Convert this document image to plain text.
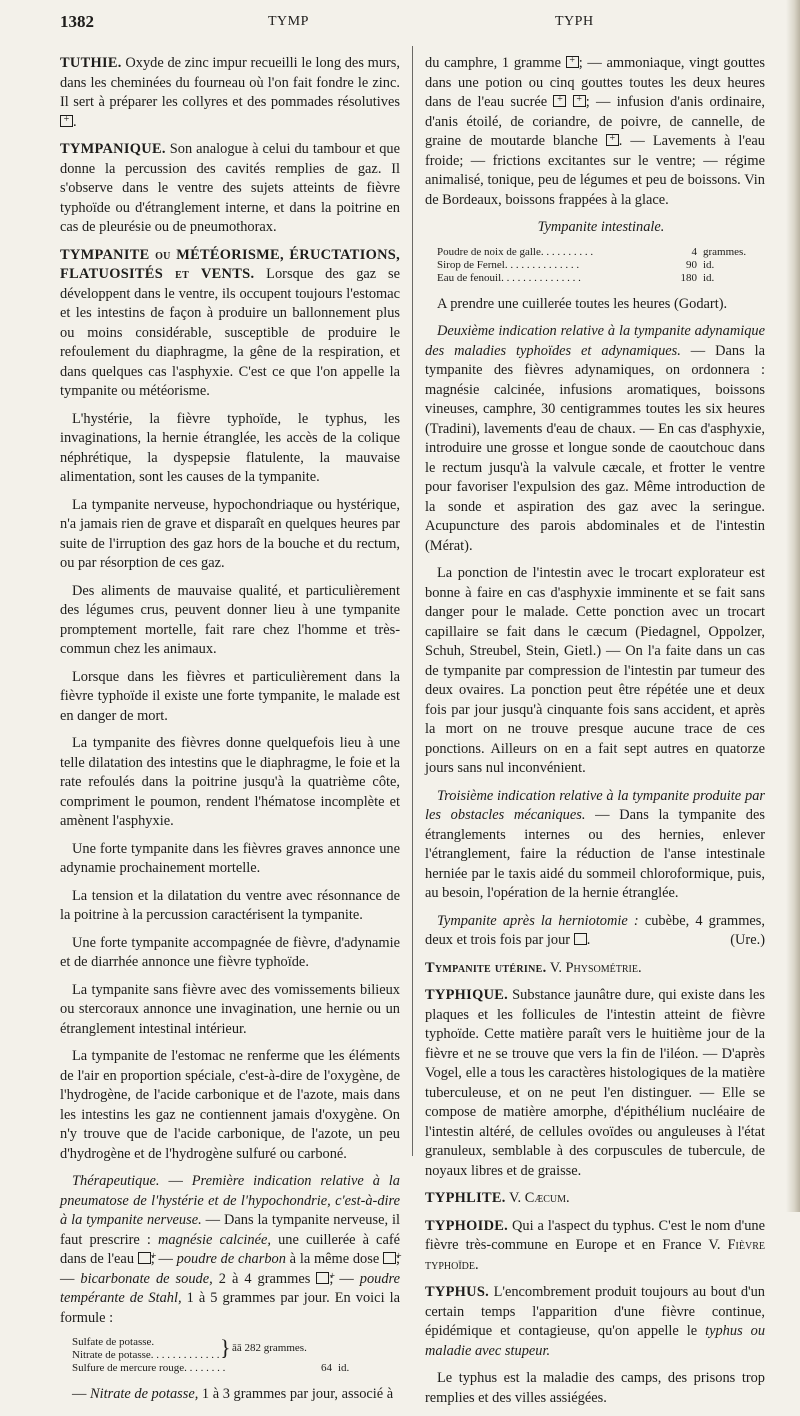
1382	TYMP	TYPH

TUTHIE. Oxyde de zinc impur recueilli le long des murs, dans les cheminées du fourneau où l'on fait fondre le zinc. Il sert à préparer les collyres et des pommades résolutives +.

TYMPANIQUE. Son analogue à celui du tambour et que donne la percussion des cavités remplies de gaz. Il s'observe dans le ventre des sujets atteints de fièvre typhoïde ou d'étranglement interne, et dans la poitrine en cas de pleurésie ou de pneumothorax.

TYMPANITE ou MÉTÉORISME, ÉRUCTATIONS, FLATUOSITÉS et VENTS. Lorsque des gaz se développent dans le ventre, ils occupent toujours l'estomac et les intestins de façon à produire un ballonnement plus ou moins considérable, susceptible de produire le refoulement du diaphragme, la gêne de la respiration, et dans quelques cas l'asphyxie. C'est ce que l'on appelle la tympanite ou météorisme.

L'hystérie, la fièvre typhoïde, le typhus, les invaginations, la hernie étranglée, les accès de la colique néphrétique, la dyspepsie flatulente, la mauvaise alimentation, sont les causes de la tympanite.

La tympanite nerveuse, hypochondriaque ou hystérique, n'a jamais rien de grave et disparaît en quelques heures par suite de l'irruption des gaz hors de la bouche et du rectum, ou par résorption de ces gaz.

Des aliments de mauvaise qualité, et particulièrement des légumes crus, peuvent donner lieu à une tympanite promptement mortelle, fait rare chez l'homme et très-commun chez les animaux.

Lorsque dans les fièvres et particulièrement dans la fièvre typhoïde il existe une forte tympanite, le malade est en danger de mort.

La tympanite des fièvres donne quelquefois lieu à une telle dilatation des intestins que le diaphragme, le foie et la rate refoulés dans la poitrine jusqu'à la quatrième côte, compriment le poumon, rendent l'hématose incomplète et amènent l'asphyxie.

Une forte tympanite dans les fièvres graves annonce une adynamie prochainement mortelle.

La tension et la dilatation du ventre avec résonnance de la poitrine à la percussion caractérisent la tympanite.

Une forte tympanite accompagnée de fièvre, d'adynamie et de diarrhée annonce une fièvre typhoïde.

La tympanite sans fièvre avec des vomissements bilieux ou stercoraux annonce une invagination, une hernie ou un étranglement intestinal intérieur.

La tympanite de l'estomac ne renferme que les éléments de l'air en proportion spéciale, c'est-à-dire de l'oxygène, de l'hydrogène, de l'acide carbonique et de l'azote, mais dans les intestins les gaz ne contiennent jamais d'oxygène. On n'y trouve que de l'acide carbonique, de l'azote, un peu d'hydrogène et de l'hydrogène sulfuré ou carboné.

Thérapeutique. — Première indication relative à la pneumatose de l'hystérie et de l'hypochondrie, c'est-à-dire à la tympanite nerveuse. — Dans la tympanite nerveuse, il faut prescrire : magnésie calcinée, une cuillerée à café dans de l'eau + ; — poudre de charbon à la même dose + ; — bicarbonate de soude, 2 à 4 grammes + ; — poudre tempérante de Stahl, 1 à 5 grammes par jour. En voici la formule :

Sulfate de potasse.
Nitrate de potasse. . . . . . . . . . . . . .
} āā 282 grammes.
Sulfure de mercure rouge. . . . . . . .	64 id.

— Nitrate de potasse, 1 à 3 grammes par jour, associé à

du camphre, 1 gramme + ; — ammoniaque, vingt gouttes dans une potion ou cinq gouttes toutes les deux heures dans de l'eau sucrée + +	; — infusion d'anis ordinaire, d'anis étoilé, de coriandre, de poivre, de cannelle, de graine de moutarde blanche + . — Lavements à l'eau froide; — frictions excitantes sur le ventre; — régime animalisé, tonique, peu de légumes et peu de boissons. Vin de Bordeaux, boissons frappées à la glace.

Tympanite intestinale.

Poudre de noix de galle. . . . . . . . . .	4 grammes.
Sirop de Fernel. . . . . . . . . . . . . .	90 id.
Eau de fenouil. . . . . . . . . . . . . . .	180 id.

A prendre une cuillerée toutes les heures (Godart).

Deuxième indication relative à la tympanite adynamique des maladies typhoïdes et adynamiques. — Dans la tympanite des fièvres adynamiques, on ordonnera : magnésie calcinée, infusions aromatiques, boissons vineuses, camphre, 30 centigrammes toutes les six heures (Tradini), lavements d'eau de chaux. — En cas d'asphyxie, introduire une grosse et longue sonde de caoutchouc dans le rectum jusqu'à la valvule cæcale, et frotter le ventre pour favoriser l'expulsion des gaz. Même introduction de la sonde et aspiration des gaz avec la seringue. Acupuncture des parois abdominales et de l'intestin (Mérat).

La ponction de l'intestin avec le trocart explorateur est bonne à faire en cas d'asphyxie imminente et se fait sans danger pour le malade. Cette ponction avec un trocart capillaire se fait dans le cæcum (Piedagnel, Oppolzer, Schuh, Streubel, Stein, Gietl.) — On l'a faite dans un cas de tympanite par compression de l'intestin par tumeur des deux ovaires. La ponction peut être répétée une et deux fois par jour jusqu'à cinquante fois sans accident, et après la mort on ne trouve presque aucune trace de ces ponctions. Ailleurs on en a fait sept autres en quatorze jours sans nul inconvénient.

Troisième indication relative à la tympanite produite par les obstacles mécaniques. — Dans la tympanite des étranglements internes ou des hernies, enlever l'étranglement, faire la réduction de l'anse intestinale herniée par le taxis aidé du sommeil chloroformique, puis, au besoin, l'opération de la hernie étranglée.

Tympanite après la herniotomie : cubèbe, 4 grammes, deux et trois fois par jour .	(Ure.)

Tympanite utérine. V. Physométrie.

TYPHIQUE. Substance jaunâtre dure, qui existe dans les plaques et les follicules de l'intestin atteint de fièvre typhoïde. Cette matière paraît vers le huitième jour de la fièvre et ne se trouve que vers la fin de l'iléon. — D'après Vogel, elle a tous les caractères histologiques de la matière tuberculeuse, et on ne peut l'en distinguer. — Elle se compose de matière amorphe, d'épithélium nucléaire de l'intestin altéré, de cellules ovoïdes ou anguleuses à l'état granuleux, semblable à des corpuscules de tubercule, de noyaux libres et de graisse.

TYPHLITE. V. Cæcum.

TYPHOIDE. Qui a l'aspect du typhus. C'est le nom d'une fièvre très-commune en Europe et en France V. Fièvre typhoïde.

TYPHUS. L'encombrement produit toujours au bout d'un certain temps l'apparition d'une fièvre continue, épidémique et contagieuse, qu'on appelle le typhus ou maladie avec stupeur.

Le typhus est la maladie des camps, des prisons trop remplies et des villes assiégées.
